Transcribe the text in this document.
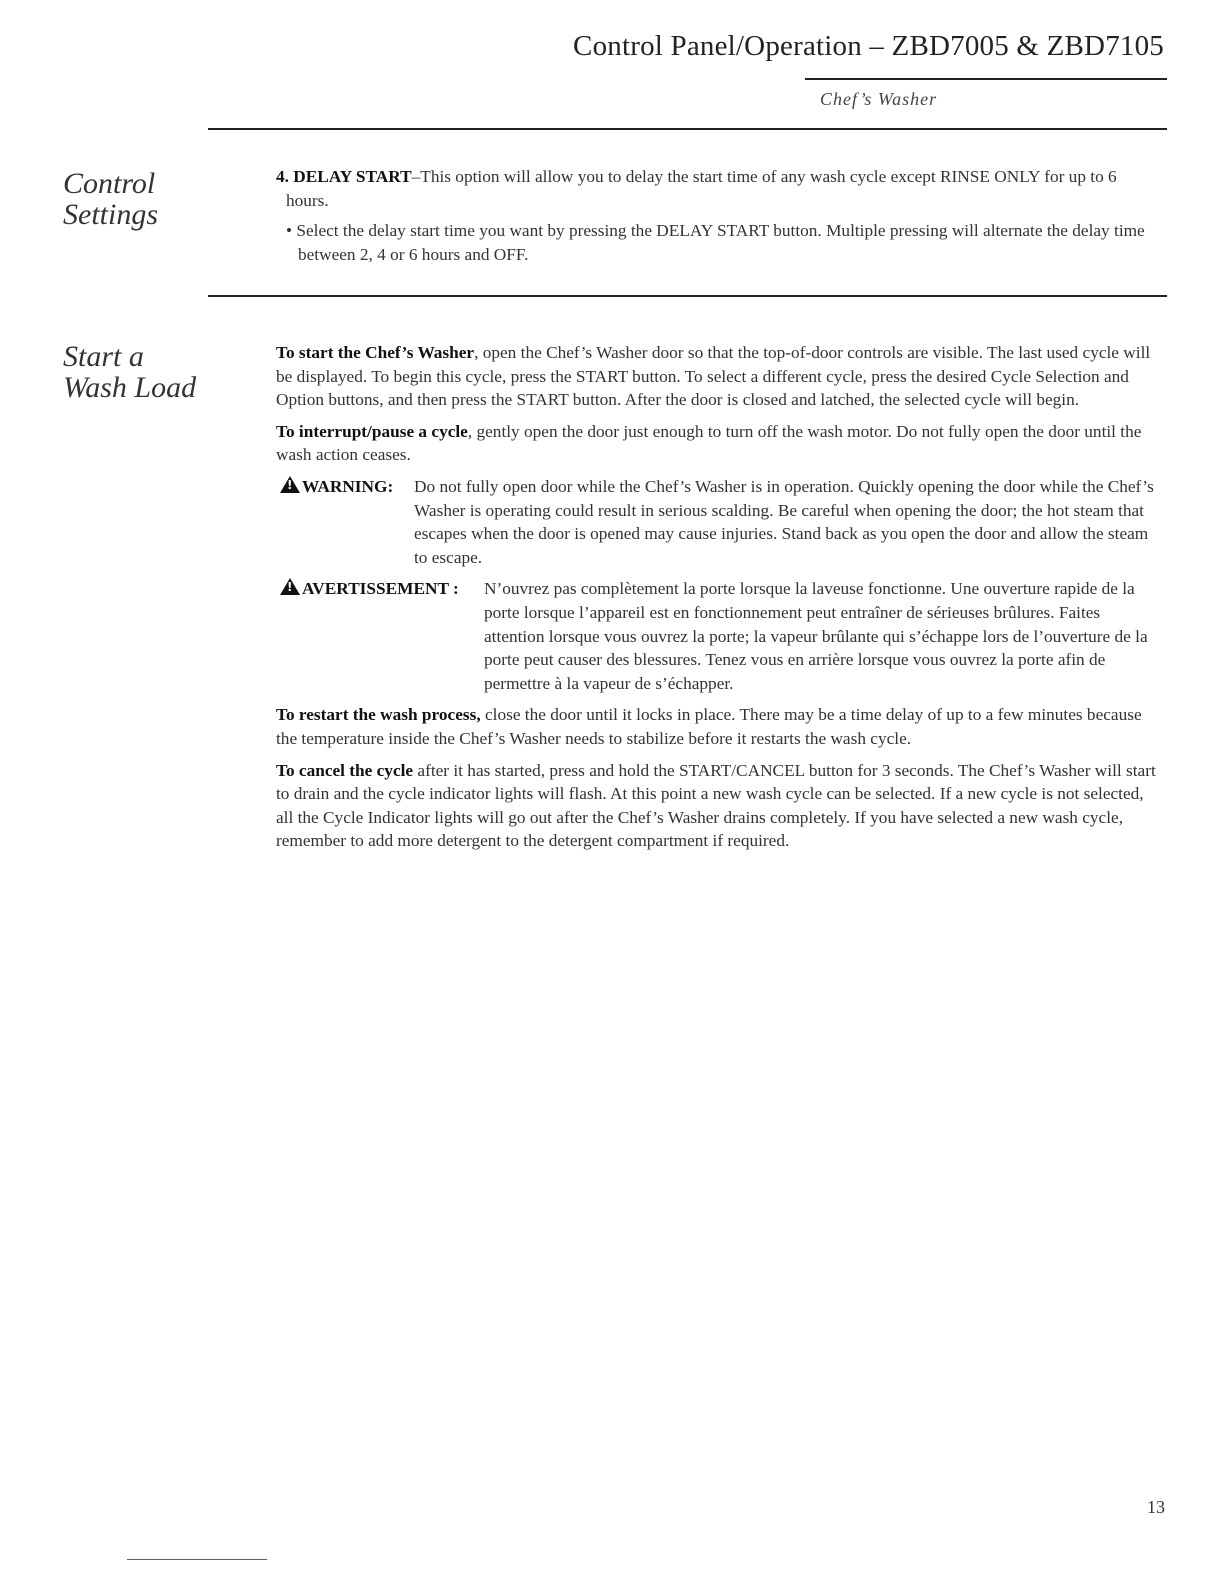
Control Panel/Operation – ZBD7005 & ZBD7105
Chef’s Washer
Control
Settings

4. DELAY START–This option will allow you to delay the start time of any wash cycle except RINSE ONLY for up to 6 hours.

• Select the delay start time you want by pressing the DELAY START button. Multiple pressing will alternate the delay time between 2, 4 or 6 hours and OFF.

Start a
Wash Load

To start the Chef’s Washer, open the Chef’s Washer door so that the top-of-door controls are visible. The last used cycle will be displayed. To begin this cycle, press the START button. To select a different cycle, press the desired Cycle Selection and Option buttons, and then press the START button. After the door is closed and latched, the selected cycle will begin.

To interrupt/pause a cycle, gently open the door just enough to turn off the wash motor. Do not fully open the door until the wash action ceases.

!WARNING: Do not fully open door while the Chef’s Washer is in operation. Quickly opening the door while the Chef’s Washer is operating could result in serious scalding. Be careful when opening the door; the hot steam that escapes when the door is opened may cause injuries. Stand back as you open the door and allow the steam to escape.
!AVERTISSEMENT : N’ouvrez pas complètement la porte lorsque la laveuse fonctionne. Une ouverture rapide de la porte lorsque l’appareil est en fonctionnement peut entraîner de sérieuses brûlures. Faites attention lorsque vous ouvrez la porte; la vapeur brûlante qui s’échappe lors de l’ouverture de la porte peut causer des blessures. Tenez vous en arrière lorsque vous ouvrez la porte afin de permettre à la vapeur de s’échapper.

To restart the wash process, close the door until it locks in place. There may be a time delay of up to a few minutes because the temperature inside the Chef’s Washer needs to stabilize before it restarts the wash cycle.

To cancel the cycle after it has started, press and hold the START/CANCEL button for 3 seconds. The Chef’s Washer will start to drain and the cycle indicator lights will flash. At this point a new wash cycle can be selected. If a new cycle is not selected, all the Cycle Indicator lights will go out after the Chef’s Washer drains completely. If you have selected a new wash cycle, remember to add more detergent to the detergent compartment if required.

13
